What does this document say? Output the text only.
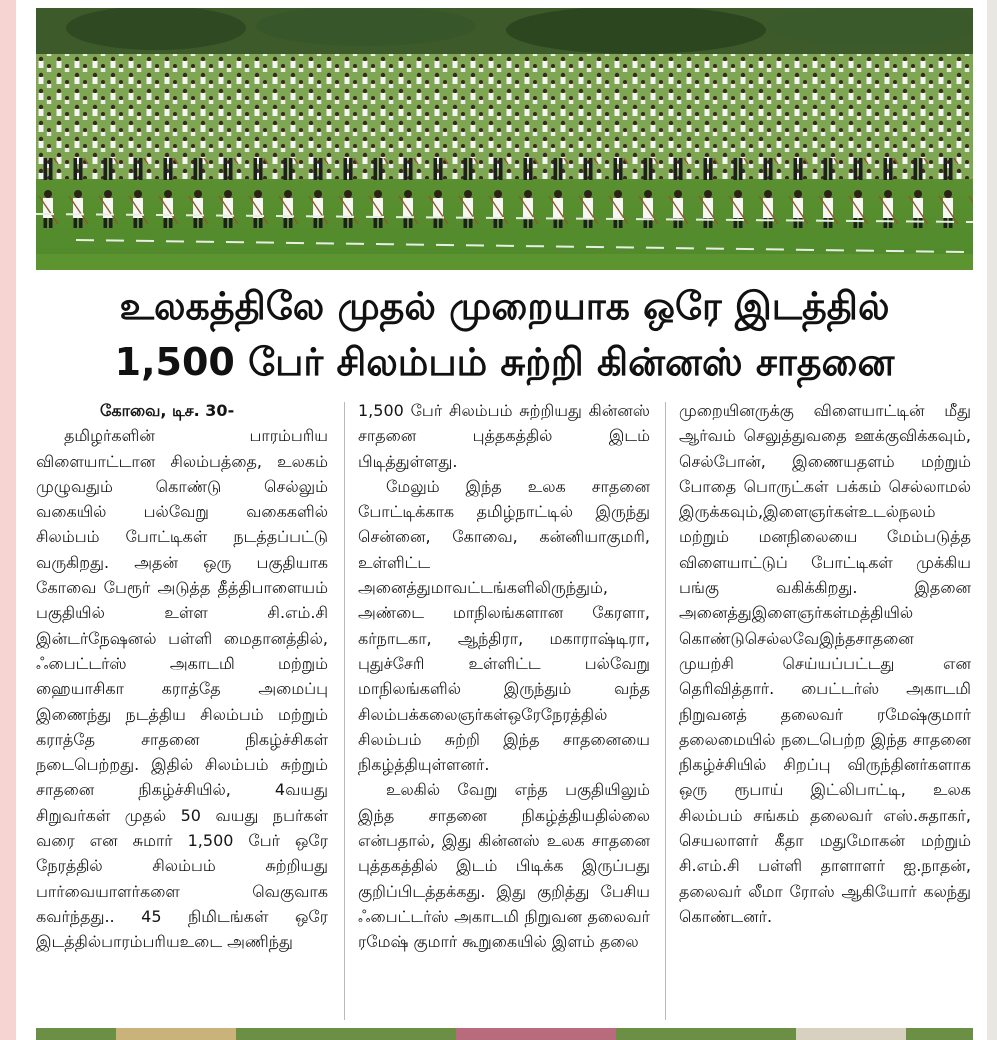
உலகத்திலே முதல் முறையாக ஒரே இடத்தில்
1,500 பேர் சிலம்பம் சுற்றி கின்னஸ் சாதனை
கோவை, டிச. 30-

தமிழர்களின் பாரம்பரிய விளையாட்டான சிலம்பத்தை, உலகம் முழுவதும் கொண்டு செல்லும் வகையில் பல்வேறு வகைகளில் சிலம்பம் போட்டிகள் நடத்தப்பட்டு வருகிறது. அதன் ஒரு பகுதியாக கோவை பேரூர் அடுத்த தீத்திபாளையம் பகுதியில் உள்ள சி.எம்.சி இன்டர்நேஷனல் பள்ளி மைதானத்தில், ஃபைட்டர்ஸ் அகாடமி மற்றும் ஹையாசிகா கராத்தே அமைப்பு இணைந்து நடத்திய சிலம்பம் மற்றும் கராத்தே சாதனை நிகழ்ச்சிகள் நடைபெற்றது. இதில் சிலம்பம் சுற்றும் சாதனை நிகழ்ச்சியில், 4வயது சிறுவர்கள் முதல் 50 வயது நபர்கள் வரை என சுமார் 1,500 பேர் ஒரே நேரத்தில் சிலம்பம் சுற்றியது பார்வையாளர்களை வெகுவாக கவர்ந்தது.. 45 நிமிடங்கள் ஒரே இடத்தில்பாரம்பரியஉடை அணிந்து

1,500 பேர் சிலம்பம் சுற்றியது கின்னஸ் சாதனை புத்தகத்தில் இடம் பிடித்துள்ளது.

மேலும் இந்த உலக சாதனை போட்டிக்காக தமிழ்நாட்டில் இருந்து சென்னை, கோவை, கன்னியாகுமரி, உள்ளிட்ட அனைத்துமாவட்டங்களிலிருந்தும், அண்டை மாநிலங்களான கேரளா, கர்நாடகா, ஆந்திரா, மகாராஷ்டிரா, புதுச்சேரி உள்ளிட்ட பல்வேறு மாநிலங்களில் இருந்தும் வந்த சிலம்பக்கலைஞர்கள்ஒரேநேரத்தில் சிலம்பம் சுற்றி இந்த சாதனையை நிகழ்த்தியுள்ளனர்.

உலகில் வேறு எந்த பகுதியிலும் இந்த சாதனை நிகழ்த்தியதில்லை என்பதால், இது கின்னஸ் உலக சாதனை புத்தகத்தில் இடம் பிடிக்க இருப்பது குறிப்பிடத்தக்கது. இது குறித்து பேசிய ஃபைட்டர்ஸ் அகாடமி நிறுவன தலைவர் ரமேஷ் குமார் கூறுகையில் இளம் தலை

முறையினருக்கு விளையாட்டின் மீது ஆர்வம் செலுத்துவதை ஊக்குவிக்கவும், செல்போன், இணையதளம் மற்றும் போதை பொருட்கள் பக்கம் செல்லாமல் இருக்கவும்,இளைஞர்கள்உடல்நலம் மற்றும் மனநிலையை மேம்படுத்த விளையாட்டுப் போட்டிகள் முக்கிய பங்கு வகிக்கிறது. இதனை அனைத்துஇளைஞர்கள்மத்தியில் கொண்டுசெல்லவேஇந்தசாதனை முயற்சி செய்யப்பட்டது என தெரிவித்தார். பைட்டர்ஸ் அகாடமி நிறுவனத் தலைவர் ரமேஷ்குமார் தலைமையில் நடைபெற்ற இந்த சாதனை நிகழ்ச்சியில் சிறப்பு விருந்தினர்களாக ஒரு ரூபாய் இட்லிபாட்டி, உலக சிலம்பம் சங்கம் தலைவர் எஸ்.சுதாகர், செயலாளர் கீதா மதுமோகன் மற்றும் சி.எம்.சி பள்ளி தாளாளர் ஐ.நாதன், தலைவர் லீமா ரோஸ் ஆகியோர் கலந்து கொண்டனர்.
